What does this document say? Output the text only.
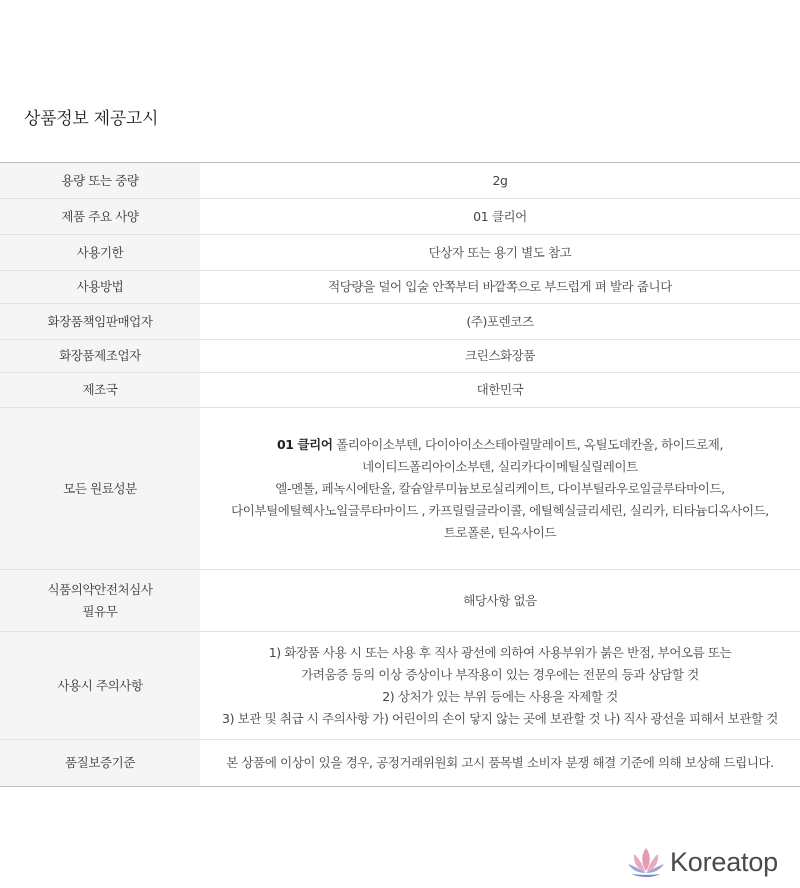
상품정보 제공고시
용량 또는 중량	2g
제품 주요 사양	01 클리어
사용기한	단상자 또는 용기 별도 참고
사용방법	적당량을 덜어 입술 안쪽부터 바깥쪽으로 부드럽게 펴 발라 줍니다
화장품책임판매업자	(주)포렌코즈
화장품제조업자	크린스화장품
제조국	대한민국
모든 원료성분	01 클리어 폴리아이소부텐, 다이아이소스테아릴말레이트, 옥틸도데칸올, 하이드로제,
네이티드폴리아이소부텐, 실리카다이메틸실릴레이트
엘-멘톨, 페녹시에탄올, 칼슘알루미늄보로실리케이트, 다이부틸라우로일글루타마이드,
다이부틸에틸헥사노일글루타마이드 , 카프릴릴글라이콜, 에틸헥실글리세린, 실리카, 티타늄디옥사이드,
트로폴론, 틴옥사이드

식품의약안전처심사
필유무	해당사항 없음
사용시 주의사항	1) 화장품 사용 시 또는 사용 후 직사 광선에 의하여 사용부위가 붉은 반점, 부어오름 또는
가려움증 등의 이상 증상이나 부작용이 있는 경우에는 전문의 등과 상담할 것
2) 상처가 있는 부위 등에는 사용을 자제할 것
3) 보관 및 취급 시 주의사항 가) 어린이의 손이 닿지 않는 곳에 보관할 것 나) 직사 광선을 피해서 보관할 것

품질보증기준	본 상품에 이상이 있을 경우, 공정거래위원회 고시 품목별 소비자 분쟁 해결 기준에 의해 보상해 드립니다.
Koreatop
